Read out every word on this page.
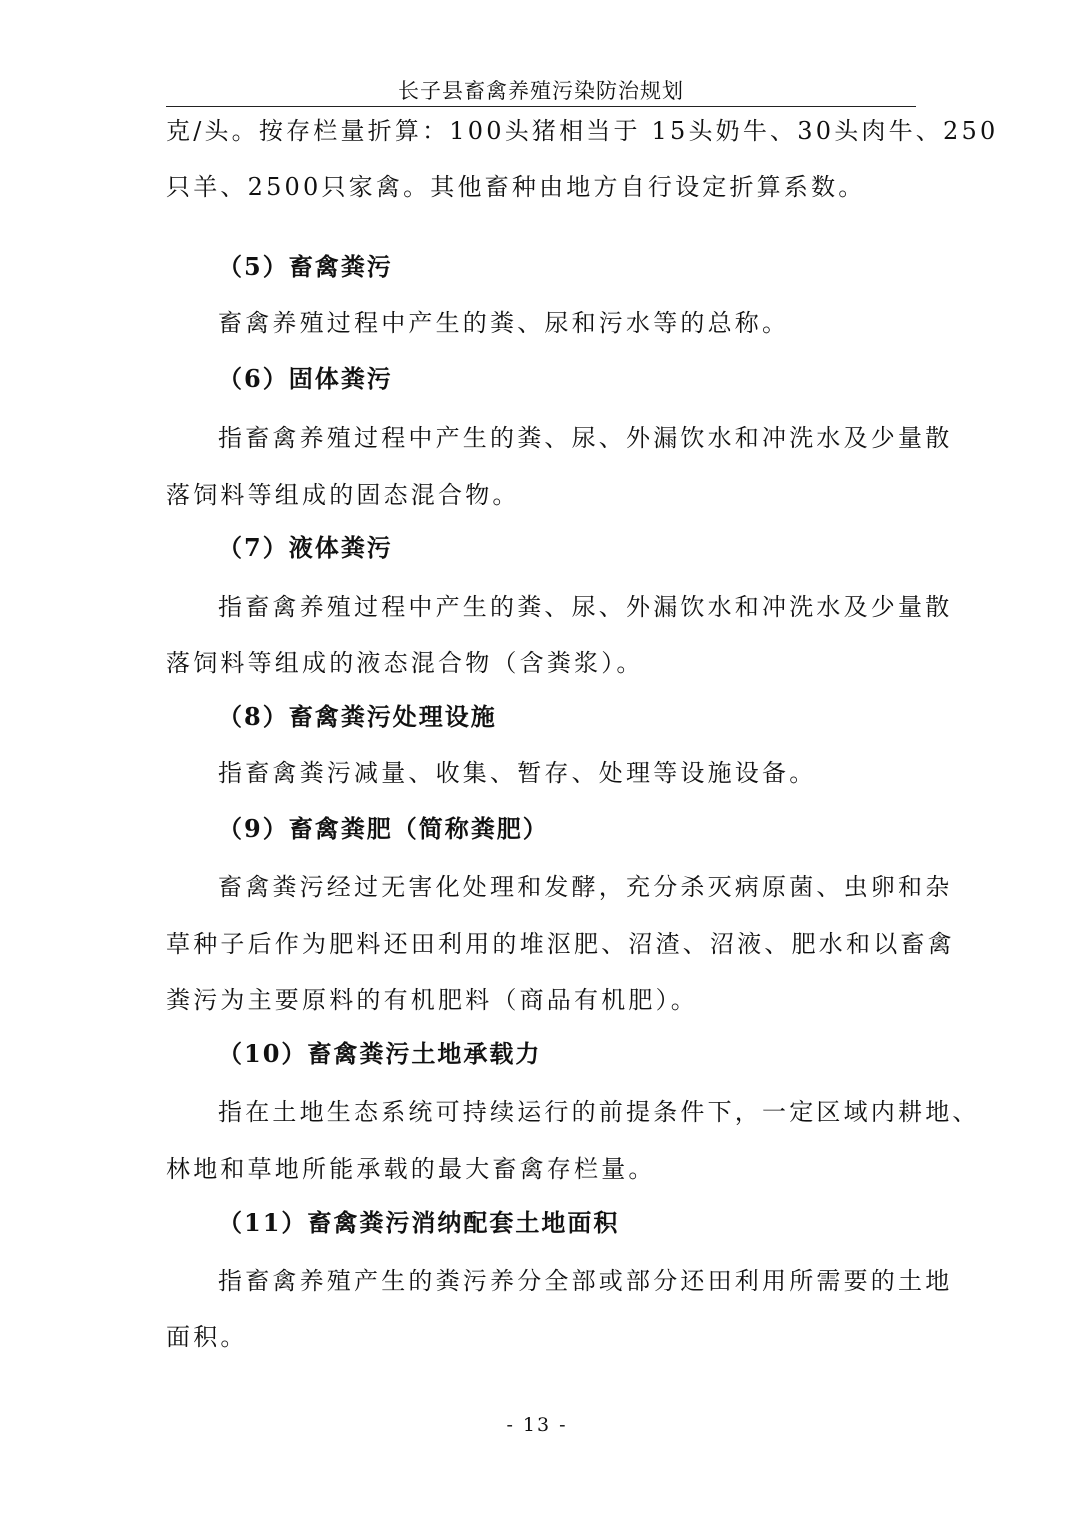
长子县畜禽养殖污染防治规划
克/头。按存栏量折算：100头猪相当于 15头奶牛、30头肉牛、250
只羊、2500只家禽。其他畜种由地方自行设定折算系数。
（5）畜禽粪污
畜禽养殖过程中产生的粪、尿和污水等的总称。
（6）固体粪污
指畜禽养殖过程中产生的粪、尿、外漏饮水和冲洗水及少量散
落饲料等组成的固态混合物。
（7）液体粪污
指畜禽养殖过程中产生的粪、尿、外漏饮水和冲洗水及少量散
落饲料等组成的液态混合物（含粪浆）。
（8）畜禽粪污处理设施
指畜禽粪污减量、收集、暂存、处理等设施设备。
（9）畜禽粪肥（简称粪肥）
畜禽粪污经过无害化处理和发酵，充分杀灭病原菌、虫卵和杂
草种子后作为肥料还田利用的堆沤肥、沼渣、沼液、肥水和以畜禽
粪污为主要原料的有机肥料（商品有机肥）。
（10）畜禽粪污土地承载力
指在土地生态系统可持续运行的前提条件下，一定区域内耕地、
林地和草地所能承载的最大畜禽存栏量。
（11）畜禽粪污消纳配套土地面积
指畜禽养殖产生的粪污养分全部或部分还田利用所需要的土地
面积。
- 13 -
